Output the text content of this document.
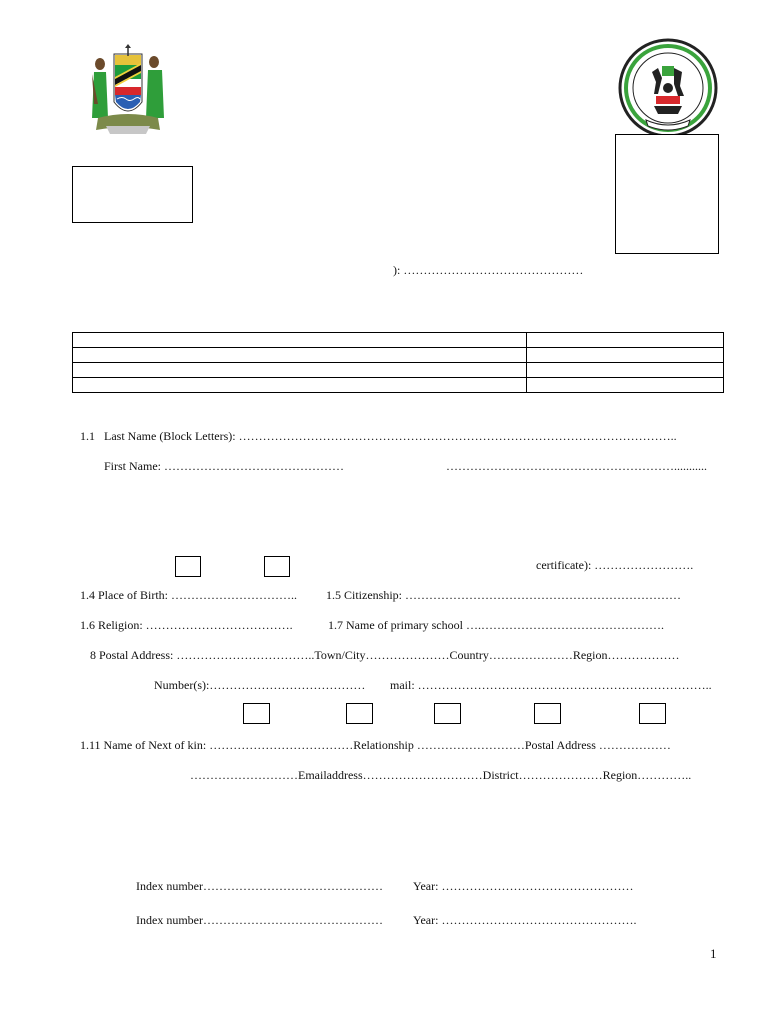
): ………………………………………

1.1 Last Name (Block Letters): ………………………………………………………………………………………………..
First Name: ………………………………………	…………………………………………………...........
certificate): …………………….
1.4 Place of Birth: ………………………….. 1.5 Citizenship: ……………………………………………………………
1.6 Religion: ……………………………….	1.7 Name of primary school ….……………………………………….
8 Postal Address: ……………………………..Town/City…………………Country…………………Region………………
Number(s):………………………………… mail: ………………………………………………………………..
1.11 Name of Next of kin: ………………………………Relationship ………………………Postal Address ………………
………………………Emailaddress…………………………District…………………Region…………..
Index number………………………………………	Year: …………………………………………
Index number………………………………………	Year: ………………………………………….
1
